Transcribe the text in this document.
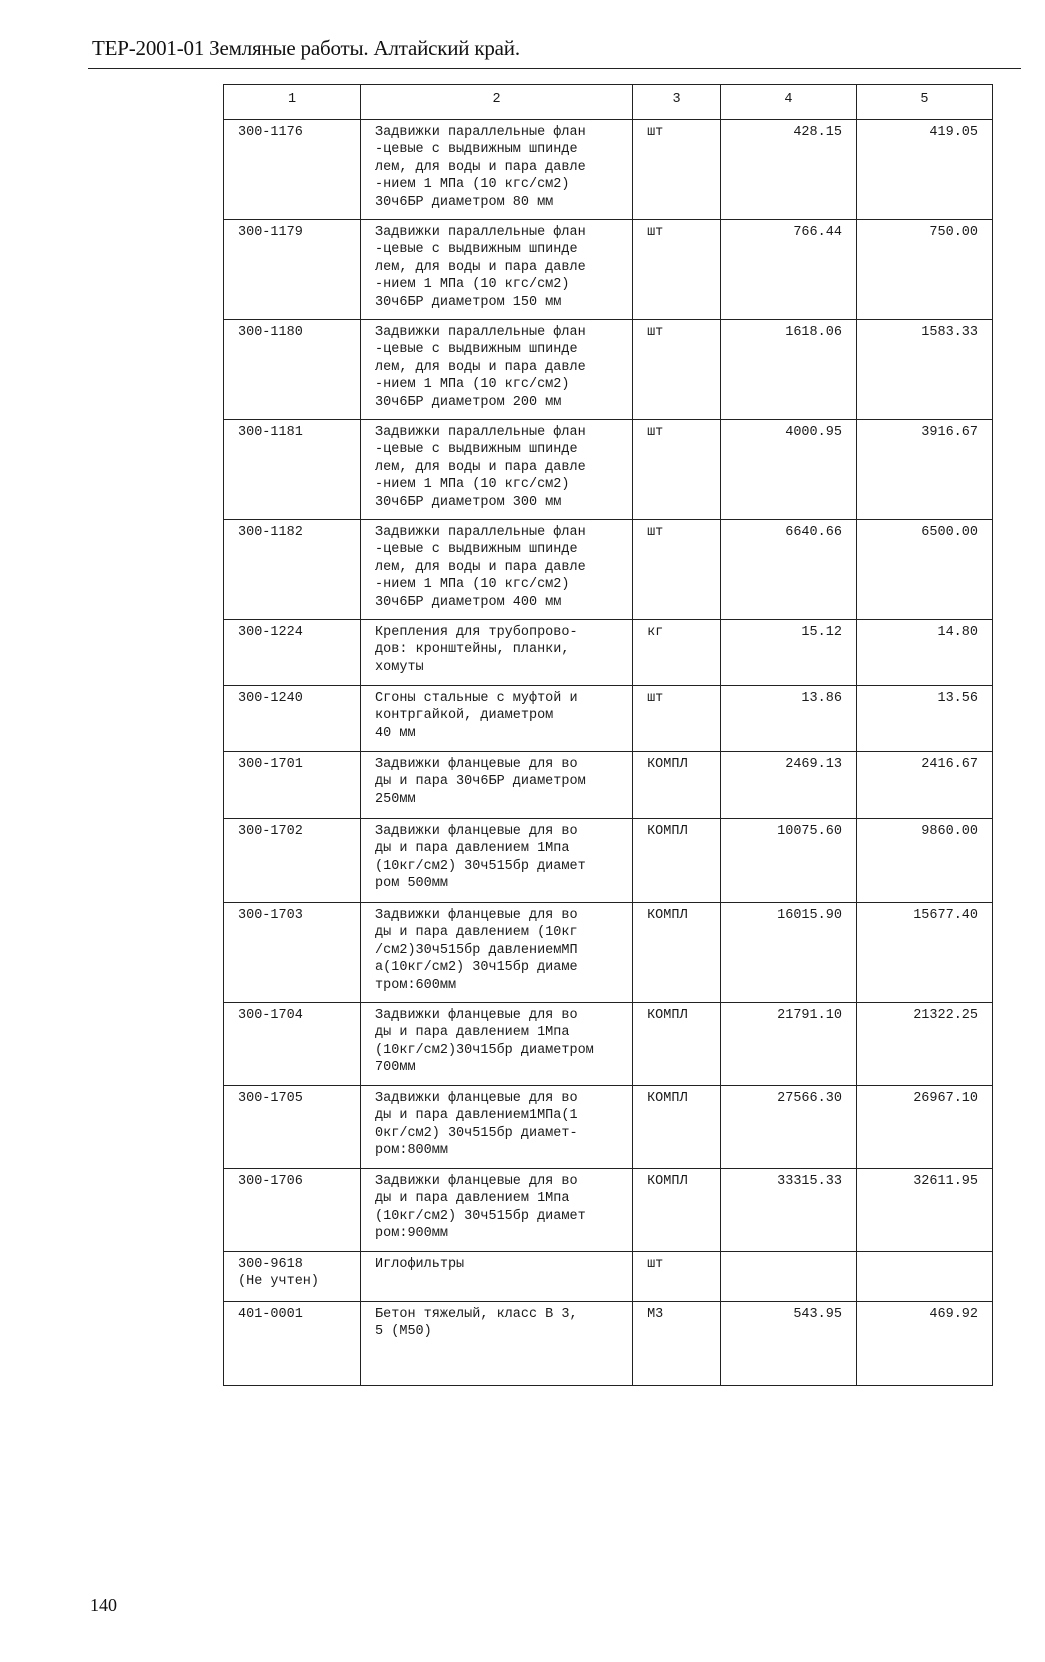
ТЕР-2001-01 Земляные работы. Алтайский край.
1	2	3	4	5
300-1176	Задвижки параллельные флан
-цевые с выдвижным шпинде
лем, для воды и пара давле
-нием 1 МПа (10 кгс/см2)
30ч6БР диаметром 80 мм	шт	428.15	419.05
300-1179	Задвижки параллельные флан
-цевые с выдвижным шпинде
лем, для воды и пара давле
-нием 1 МПа (10 кгс/см2)
30ч6БР диаметром 150 мм	шт	766.44	750.00
300-1180	Задвижки параллельные флан
-цевые с выдвижным шпинде
лем, для воды и пара давле
-нием 1 МПа (10 кгс/см2)
30ч6БР диаметром 200 мм	шт	1618.06	1583.33
300-1181	Задвижки параллельные флан
-цевые с выдвижным шпинде
лем, для воды и пара давле
-нием 1 МПа (10 кгс/см2)
30ч6БР диаметром 300 мм	шт	4000.95	3916.67
300-1182	Задвижки параллельные флан
-цевые с выдвижным шпинде
лем, для воды и пара давле
-нием 1 МПа (10 кгс/см2)
30ч6БР диаметром 400 мм	шт	6640.66	6500.00
300-1224	Крепления для трубопрово-
дов: кронштейны, планки,
хомуты	кг	15.12	14.80
300-1240	Сгоны стальные с муфтой и
контргайкой, диаметром
40 мм	шт	13.86	13.56
300-1701	Задвижки фланцевые для во
ды и пара 30ч6БР диаметром
250мм	КОМПЛ	2469.13	2416.67
300-1702	Задвижки фланцевые для во
ды и пара давлением 1Мпа
(10кг/см2) 30ч515бр диамет
ром 500мм	КОМПЛ	10075.60	9860.00
300-1703	Задвижки фланцевые для во
ды и пара давлением (10кг
/см2)30ч515бр давлениемМП
а(10кг/см2) 30ч15бр диаме
тром:600мм	КОМПЛ	16015.90	15677.40
300-1704	Задвижки фланцевые для во
ды и пара давлением 1Мпа
(10кг/см2)30ч15бр диаметром
700мм	КОМПЛ	21791.10	21322.25
300-1705	Задвижки фланцевые для во
ды и пара давлением1МПа(1
0кг/см2) 30ч515бр диамет-
ром:800мм	КОМПЛ	27566.30	26967.10
300-1706	Задвижки фланцевые для во
ды и пара давлением 1Мпа
(10кг/см2) 30ч515бр диамет
ром:900мм	КОМПЛ	33315.33	32611.95
300-9618
(Не учтен)	Иглофильтры	шт		
401-0001	Бетон тяжелый, класс В 3,
5 (М50)	М3	543.95	469.92
140
